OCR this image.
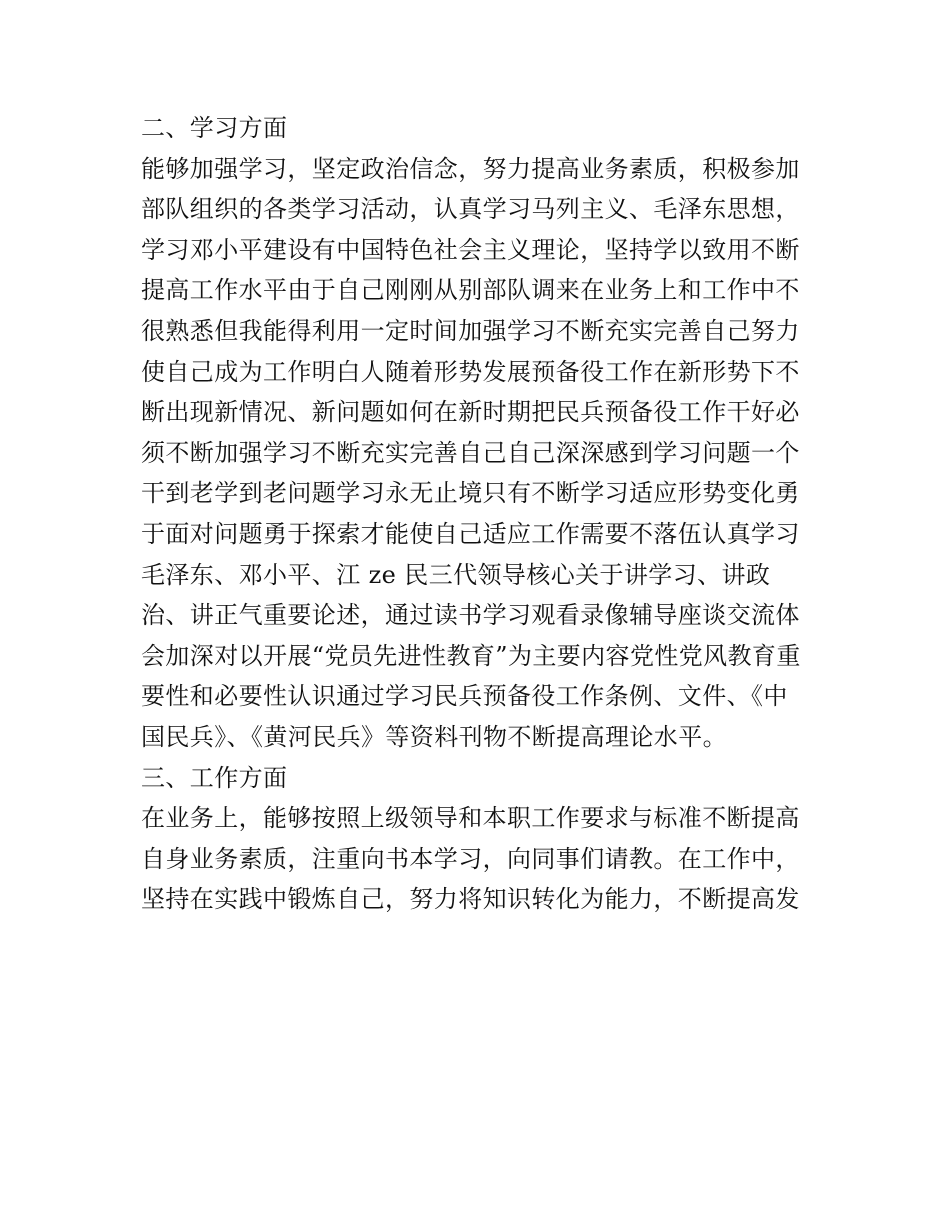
二、学习方面
能够加强学习，坚定政治信念，努力提高业务素质，积极参加
部队组织的各类学习活动，认真学习马列主义、毛泽东思想，
学习邓小平建设有中国特色社会主义理论，坚持学以致用不断
提高工作水平由于自己刚刚从别部队调来在业务上和工作中不
很熟悉但我能得利用一定时间加强学习不断充实完善自己努力
使自己成为工作明白人随着形势发展预备役工作在新形势下不
断出现新情况、新问题如何在新时期把民兵预备役工作干好必
须不断加强学习不断充实完善自己自己深深感到学习问题一个
干到老学到老问题学习永无止境只有不断学习适应形势变化勇
于面对问题勇于探索才能使自己适应工作需要不落伍认真学习
毛泽东、邓小平、江 ze 民三代领导核心关于讲学习、讲政
治、讲正气重要论述，通过读书学习观看录像辅导座谈交流体
会加深对以开展“党员先进性教育”为主要内容党性党风教育重
要性和必要性认识通过学习民兵预备役工作条例、文件、《中
国民兵》、《黄河民兵》等资料刊物不断提高理论水平。
三、工作方面
在业务上，能够按照上级领导和本职工作要求与标准不断提高
自身业务素质，注重向书本学习，向同事们请教。在工作中，
坚持在实践中锻炼自己，努力将知识转化为能力，不断提高发
